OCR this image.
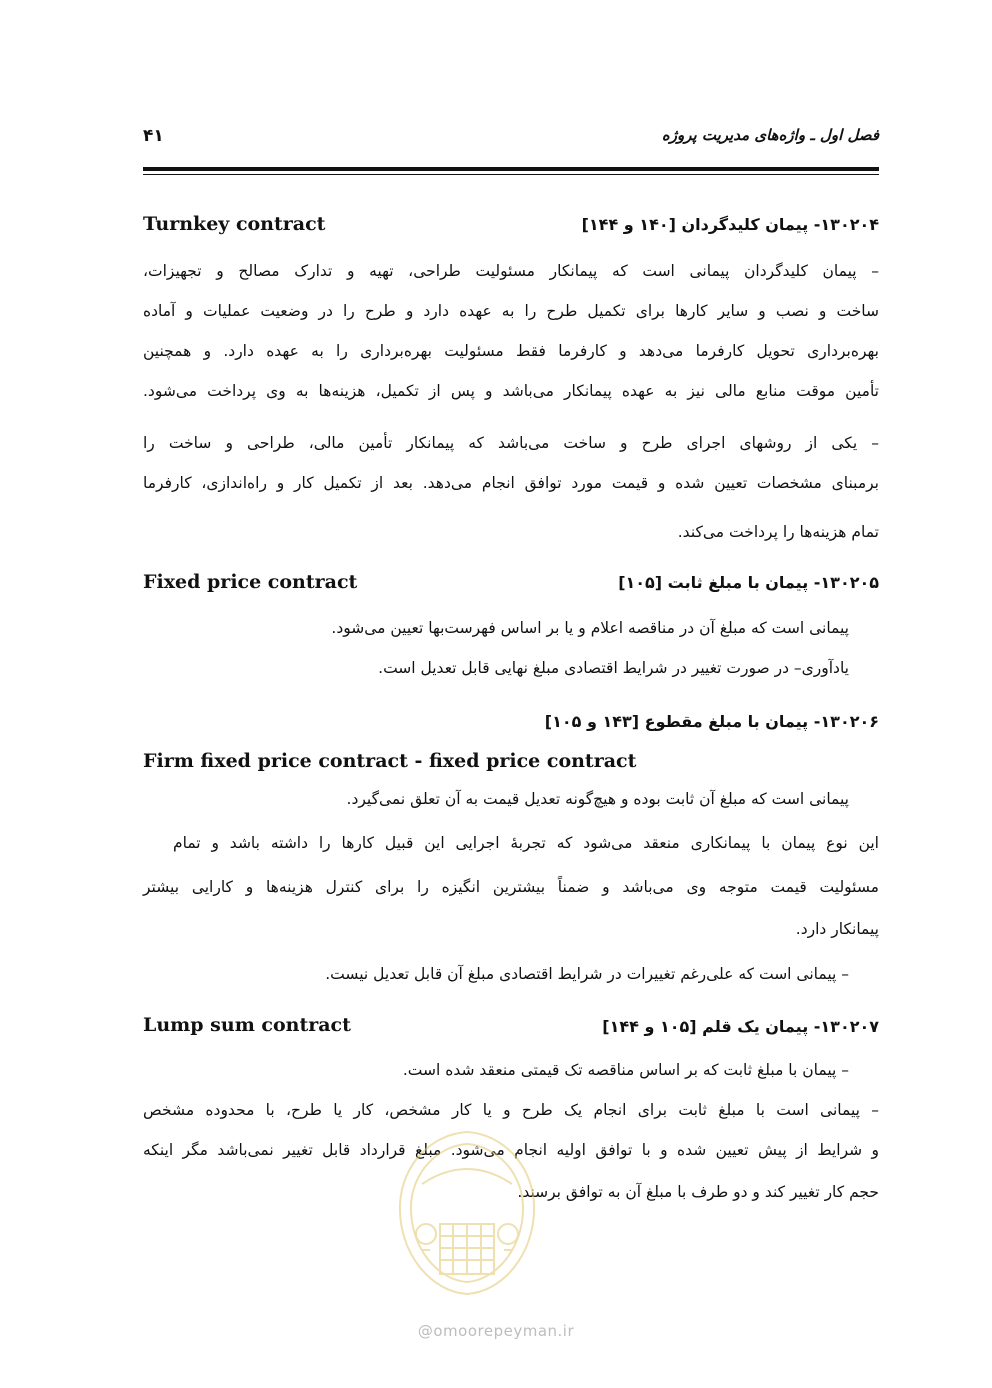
فصل اول ـ واژه‌های مدیریت پروژه
۴۱
۱۳۰۲۰۴- پیمان کلیدگردان [۱۴۰ و ۱۴۴]
Turnkey contract
– پیمان کلیدگردان پیمانی است که پیمانکار مسئولیت طراحی، تهیه و تدارک مصالح و تجهیزات،
ساخت و نصب و سایر کارها برای تکمیل طرح را به عهده دارد و طرح را در وضعیت عملیات و آماده
بهره‌برداری تحویل کارفرما می‌دهد و کارفرما فقط مسئولیت بهره‌برداری را به عهده دارد. و همچنین
تأمین موقت منابع مالی نیز به عهده پیمانکار می‌باشد و پس از تکمیل، هزینه‌ها به وی پرداخت می‌شود.
– یکی از روشهای اجرای طرح و ساخت می‌باشد که پیمانکار تأمین مالی، طراحی و ساخت را
برمبنای مشخصات تعیین شده و قیمت مورد توافق انجام می‌دهد. بعد از تکمیل کار و راه‌اندازی، کارفرما
تمام هزینه‌ها را پرداخت می‌کند.
۱۳۰۲۰۵- پیمان با مبلغ ثابت [۱۰۵]
Fixed price contract
پیمانی است که مبلغ آن در مناقصه اعلام و یا بر اساس فهرست‌بها تعیین می‌شود.
یادآوری– در صورت تغییر در شرایط اقتصادی مبلغ نهایی قابل تعدیل است.
۱۳۰۲۰۶- پیمان با مبلغ مقطوع [۱۴۳ و ۱۰۵]
Firm fixed price contract - fixed price contract
پیمانی است که مبلغ آن ثابت بوده و هیچ‌گونه تعدیل قیمت به آن تعلق نمی‌گیرد.
این نوع پیمان با پیمانکاری منعقد می‌شود که تجربهٔ اجرایی این قبیل کارها را داشته باشد و تمام
مسئولیت قیمت متوجه وی می‌باشد و ضمناً بیشترین انگیزه را برای کنترل هزینه‌ها و کارایی بیشتر
پیمانکار دارد.
– پیمانی است که علی‌رغم تغییرات در شرایط اقتصادی مبلغ آن قابل تعدیل نیست.
۱۳۰۲۰۷- پیمان یک قلم [۱۰۵ و ۱۴۴]
Lump sum contract
– پیمان با مبلغ ثابت که بر اساس مناقصه تک قیمتی منعقد شده است.
– پیمانی است با مبلغ ثابت برای انجام یک طرح و یا کار مشخص، کار یا طرح، با محدوده مشخص
و شرایط از پیش تعیین شده و با توافق اولیه انجام می‌شود. مبلغ قرارداد قابل تغییر نمی‌باشد مگر اینکه
حجم کار تغییر کند و دو طرف با مبلغ آن به توافق برسند.
@omoorepeyman.ir
